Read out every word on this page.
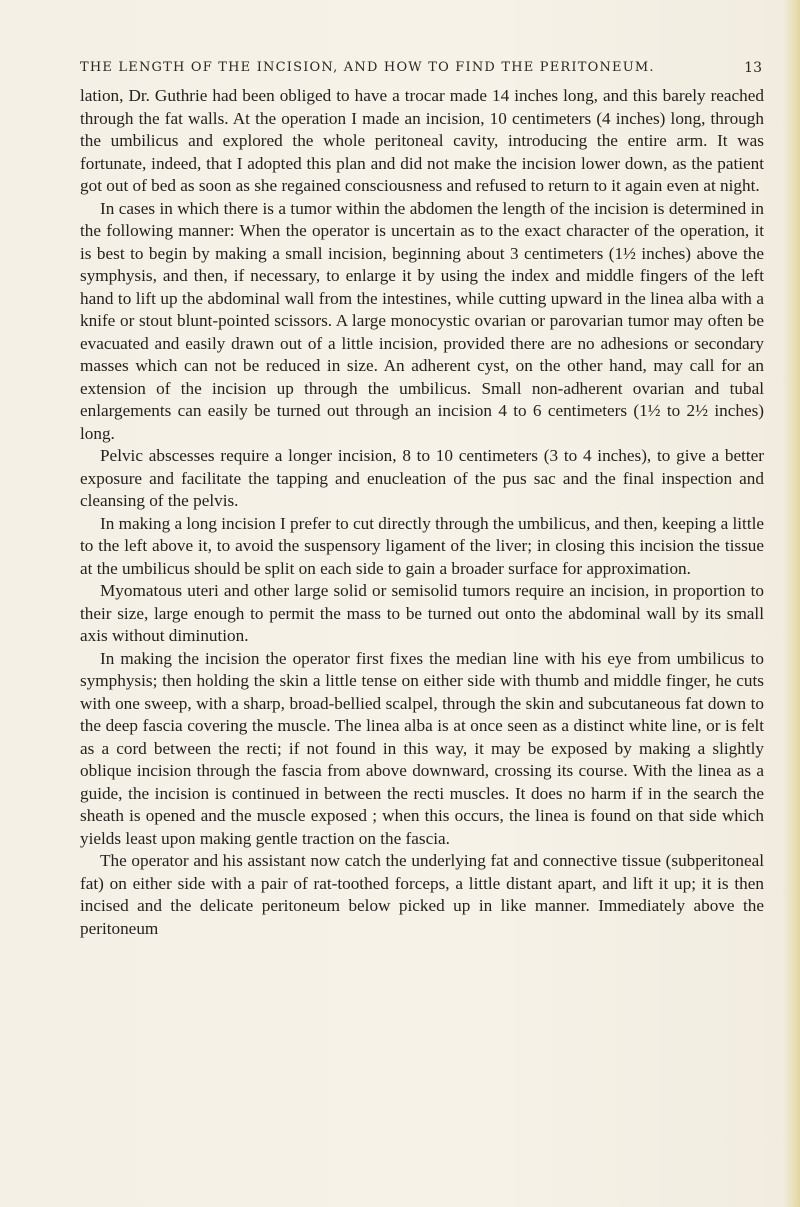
THE LENGTH OF THE INCISION, AND HOW TO FIND THE PERITONEUM.	13

lation, Dr. Guthrie had been obliged to have a trocar made 14 inches long, and this barely reached through the fat walls. At the operation I made an incision, 10 centimeters (4 inches) long, through the umbilicus and explored the whole peritoneal cavity, introducing the entire arm. It was fortunate, indeed, that I adopted this plan and did not make the incision lower down, as the patient got out of bed as soon as she regained consciousness and refused to return to it again even at night.

In cases in which there is a tumor within the abdomen the length of the incision is determined in the following manner: When the operator is uncertain as to the exact character of the operation, it is best to begin by making a small incision, beginning about 3 centimeters (1½ inches) above the symphysis, and then, if necessary, to enlarge it by using the index and middle fingers of the left hand to lift up the abdominal wall from the intestines, while cutting upward in the linea alba with a knife or stout blunt-pointed scissors. A large monocystic ovarian or parovarian tumor may often be evacuated and easily drawn out of a little incision, provided there are no adhesions or secondary masses which can not be reduced in size. An adherent cyst, on the other hand, may call for an extension of the incision up through the umbilicus. Small non-adherent ovarian and tubal enlargements can easily be turned out through an incision 4 to 6 centimeters (1½ to 2½ inches) long.

Pelvic abscesses require a longer incision, 8 to 10 centimeters (3 to 4 inches), to give a better exposure and facilitate the tapping and enucleation of the pus sac and the final inspection and cleansing of the pelvis.

In making a long incision I prefer to cut directly through the umbilicus, and then, keeping a little to the left above it, to avoid the suspensory ligament of the liver; in closing this incision the tissue at the umbilicus should be split on each side to gain a broader surface for approximation.

Myomatous uteri and other large solid or semisolid tumors require an incision, in proportion to their size, large enough to permit the mass to be turned out onto the abdominal wall by its small axis without diminution.

In making the incision the operator first fixes the median line with his eye from umbilicus to symphysis; then holding the skin a little tense on either side with thumb and middle finger, he cuts with one sweep, with a sharp, broad-bellied scalpel, through the skin and subcutaneous fat down to the deep fascia covering the muscle. The linea alba is at once seen as a distinct white line, or is felt as a cord between the recti; if not found in this way, it may be exposed by making a slightly oblique incision through the fascia from above downward, crossing its course. With the linea as a guide, the incision is continued in between the recti muscles. It does no harm if in the search the sheath is opened and the muscle exposed ; when this occurs, the linea is found on that side which yields least upon making gentle traction on the fascia.

The operator and his assistant now catch the underlying fat and connective tissue (subperitoneal fat) on either side with a pair of rat-toothed forceps, a little distant apart, and lift it up; it is then incised and the delicate peritoneum below picked up in like manner. Immediately above the peritoneum
